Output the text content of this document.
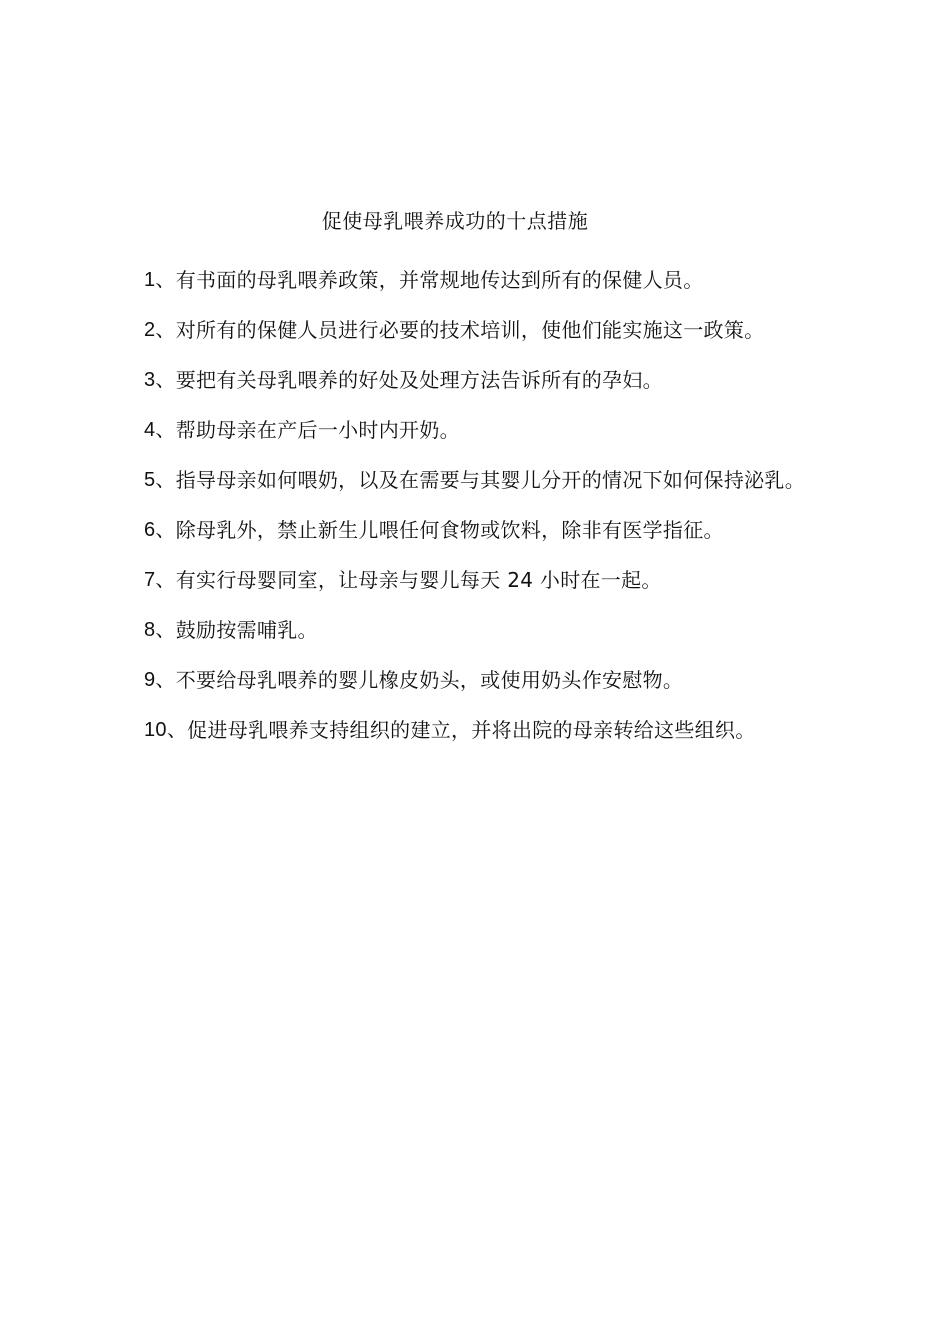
促使母乳喂养成功的十点措施
1、 有书面的母乳喂养政策，并常规地传达到所有的保健人员。
2、 对所有的保健人员进行必要的技术培训，使他们能实施这一政策。
3、 要把有关母乳喂养的好处及处理方法告诉所有的孕妇。
4、 帮助母亲在产后一小时内开奶。
5、 指导母亲如何喂奶，以及在需要与其婴儿分开的情况下如何保持泌乳。
6、 除母乳外，禁止新生儿喂任何食物或饮料，除非有医学指征。
7、 有实行母婴同室，让母亲与婴儿每天 24 小时在一起。
8、 鼓励按需哺乳。
9、 不要给母乳喂养的婴儿橡皮奶头，或使用奶头作安慰物。
10、 促进母乳喂养支持组织的建立，并将出院的母亲转给这些组织。
